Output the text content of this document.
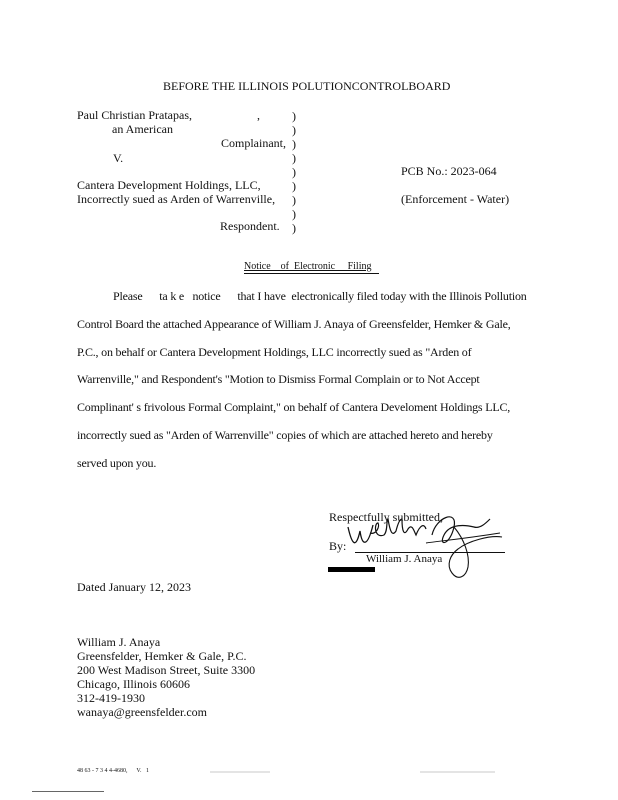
BEFORE THE ILLINOIS POLUTIONCONTROLBOARD
Paul Christian Pratapas,	,
an American
Complainant,
V.
Cantera Development Holdings, LLC,
Incorrectly sued as Arden of Warrenville,
Respondent.
)
)
)
)
)
)
)
)
)
PCB No.: 2023-064
(Enforcement - Water)
Notice    of  Electronic     Filing
Please      ta k e   notice      that I have  electronically filed today with the Illinois Pollution
Control Board the attached Appearance of William J. Anaya of Greensfelder, Hemker & Gale,
P.C., on behalf or Cantera Development Holdings, LLC incorrectly sued as "Arden of
Warrenville," and Respondent's "Motion to Dismiss Formal Complain or to Not Accept
Complinant' s frivolous Formal Complaint," on behalf of Cantera Develoment Holdings LLC,
incorrectly sued as "Arden of Warrenville" copies of which are attached hereto and hereby
served upon you.
Respectfully submitted,
By:
William J. Anaya
Dated January 12, 2023
William J. Anaya
Greensfelder, Hemker & Gale, P.C.
200 West Madison Street, Suite 3300
Chicago, Illinois 60606
312-419-1930
wanaya@greensfelder.com
48 63 - 7 3 4 4-4680,      V.   1
